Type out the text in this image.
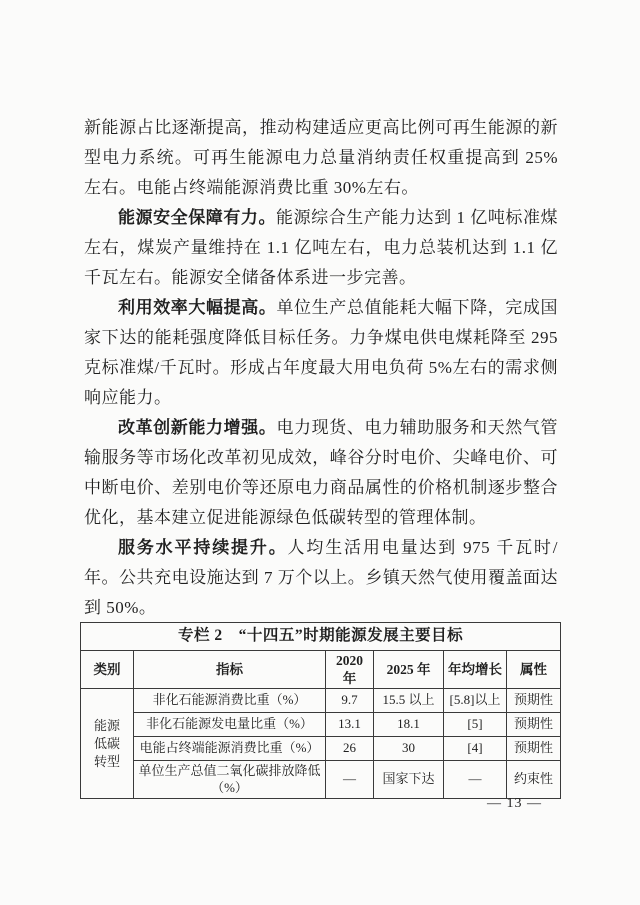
新能源占比逐渐提高，推动构建适应更高比例可再生能源的新型电力系统。可再生能源电力总量消纳责任权重提高到 25%左右。电能占终端能源消费比重 30%左右。

能源安全保障有力。能源综合生产能力达到 1 亿吨标准煤左右，煤炭产量维持在 1.1 亿吨左右，电力总装机达到 1.1 亿千瓦左右。能源安全储备体系进一步完善。

利用效率大幅提高。单位生产总值能耗大幅下降，完成国家下达的能耗强度降低目标任务。力争煤电供电煤耗降至 295 克标准煤/千瓦时。形成占年度最大用电负荷 5%左右的需求侧响应能力。

改革创新能力增强。电力现货、电力辅助服务和天然气管输服务等市场化改革初见成效，峰谷分时电价、尖峰电价、可中断电价、差别电价等还原电力商品属性的价格机制逐步整合优化，基本建立促进能源绿色低碳转型的管理体制。

服务水平持续提升。人均生活用电量达到 975 千瓦时/年。公共充电设施达到 7 万个以上。乡镇天然气使用覆盖面达到 50%。

专栏 2　“十四五”时期能源发展主要目标					
类别	指标	2020 年	2025 年	年均增长	属性

能源
低碳
转型	非化石能源消费比重（%）	9.7	15.5 以上	[5.8]以上	预期性
	非化石能源发电量比重（%）	13.1	18.1	[5]	预期性
	电能占终端能源消费比重（%）	26	30	[4]	预期性
	单位生产总值二氧化碳排放降低（%）	—	国家下达	—	约束性
— 13 —
